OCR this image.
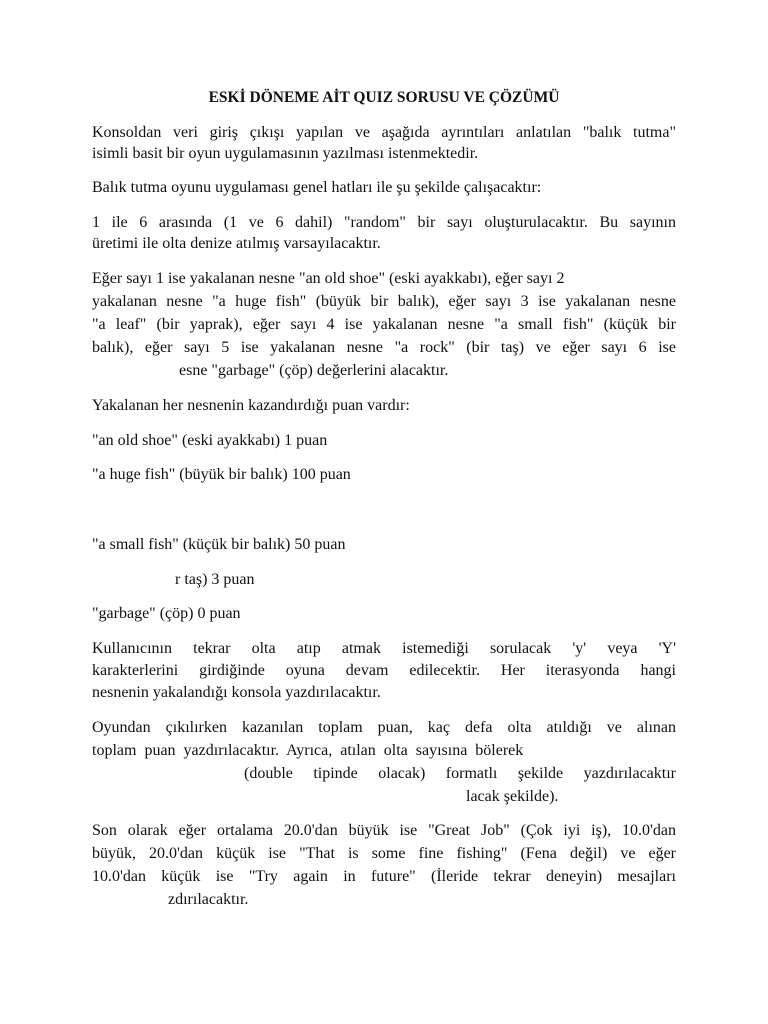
ESKİ DÖNEME AİT QUIZ SORUSU VE ÇÖZÜMÜ
Konsoldan veri giriş çıkışı yapılan ve aşağıda ayrıntıları anlatılan "balık tutma"
isimli basit bir oyun uygulamasının yazılması istenmektedir.
Balık tutma oyunu uygulaması genel hatları ile şu şekilde çalışacaktır:
1 ile 6 arasında (1 ve 6 dahil) "random" bir sayı oluşturulacaktır. Bu sayının
üretimi ile olta denize atılmış varsayılacaktır.
Eğer sayı 1 ise yakalanan nesne "an old shoe" (eski ayakkabı), eğer sayı 2
yakalanan nesne "a huge fish" (büyük bir balık), eğer sayı 3 ise yakalanan nesne
"a leaf" (bir yaprak), eğer sayı 4 ise yakalanan nesne "a small fish" (küçük bir
balık), eğer sayı 5 ise yakalanan nesne "a rock" (bir taş) ve eğer sayı 6 ise
esne "garbage" (çöp) değerlerini alacaktır.
Yakalanan her nesnenin kazandırdığı puan vardır:
"an old shoe" (eski ayakkabı) 1 puan
"a huge fish" (büyük bir balık) 100 puan
"a small fish" (küçük bir balık) 50 puan
r taş) 3 puan
"garbage" (çöp) 0 puan
Kullanıcının tekrar olta atıp atmak istemediği sorulacak 'y' veya 'Y'
karakterlerini girdiğinde oyuna devam edilecektir. Her iterasyonda hangi
nesnenin yakalandığı konsola yazdırılacaktır.
Oyundan çıkılırken kazanılan toplam puan, kaç defa olta atıldığı ve alınan
toplam  puan  yazdırılacaktır.  Ayrıca,  atılan  olta  sayısına  bölerek
(double  tipinde  olacak)  formatlı  şekilde  yazdırılacaktır
lacak şekilde).
Son olarak eğer ortalama 20.0'dan büyük ise "Great Job" (Çok iyi iş), 10.0'dan
büyük, 20.0'dan küçük ise "That is some fine fishing" (Fena değil) ve eğer
10.0'dan küçük ise "Try again in future" (İleride tekrar deneyin) mesajları
zdırılacaktır.
